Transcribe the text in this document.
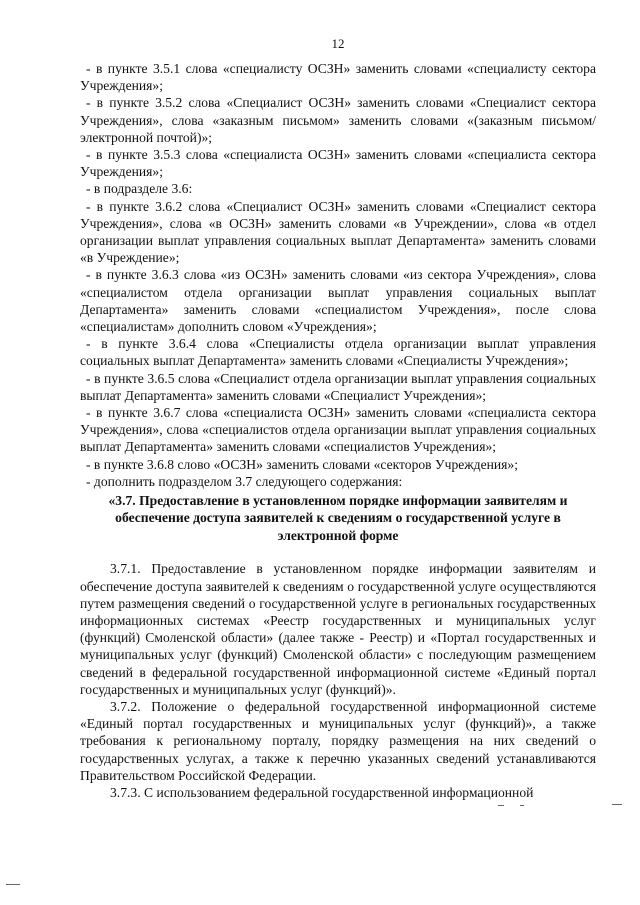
12

- в пункте 3.5.1 слова «специалисту ОСЗН» заменить словами «специалисту сектора Учреждения»;

- в пункте 3.5.2 слова «Специалист ОСЗН» заменить словами «Специалист сектора Учреждения», слова «заказным письмом» заменить словами «(заказным письмом/электронной почтой)»;

- в пункте 3.5.3 слова «специалиста ОСЗН» заменить словами «специалиста сектора Учреждения»;

- в подразделе 3.6:

- в пункте 3.6.2 слова «Специалист ОСЗН» заменить словами «Специалист сектора Учреждения», слова «в ОСЗН» заменить словами «в Учреждении», слова «в отдел организации выплат управления социальных выплат Департамента» заменить словами «в Учреждение»;

- в пункте 3.6.3 слова «из ОСЗН» заменить словами «из сектора Учреждения», слова «специалистом отдела организации выплат управления социальных выплат Департамента» заменить словами «специалистом Учреждения», после слова «специалистам» дополнить словом «Учреждения»;

- в пункте 3.6.4 слова «Специалисты отдела организации выплат управления социальных выплат Департамента» заменить словами «Специалисты Учреждения»;

- в пункте 3.6.5 слова «Специалист отдела организации выплат управления социальных выплат Департамента» заменить словами «Специалист Учреждения»;

- в пункте 3.6.7 слова «специалиста ОСЗН» заменить словами «специалиста сектора Учреждения», слова «специалистов отдела организации выплат управления социальных выплат Департамента» заменить словами «специалистов Учреждения»;

- в пункте 3.6.8 слово «ОСЗН» заменить словами «секторов Учреждения»;

- дополнить подразделом 3.7 следующего содержания:

«3.7. Предоставление в установленном порядке информации заявителям и обеспечение доступа заявителей к сведениям о государственной услуге в электронной форме

3.7.1. Предоставление в установленном порядке информации заявителям и обеспечение доступа заявителей к сведениям о государственной услуге осуществляются путем размещения сведений о государственной услуге в региональных государственных информационных системах «Реестр государственных и муниципальных услуг (функций) Смоленской области» (далее также - Реестр) и «Портал государственных и муниципальных услуг (функций) Смоленской области» с последующим размещением сведений в федеральной государственной информационной системе «Единый портал государственных и муниципальных услуг (функций)».

3.7.2. Положение о федеральной государственной информационной системе «Единый портал государственных и муниципальных услуг (функций)», а также требования к региональному порталу, порядку размещения на них сведений о государственных услугах, а также к перечню указанных сведений устанавливаются Правительством Российской Федерации.

3.7.3. С использованием федеральной государственной информационной
